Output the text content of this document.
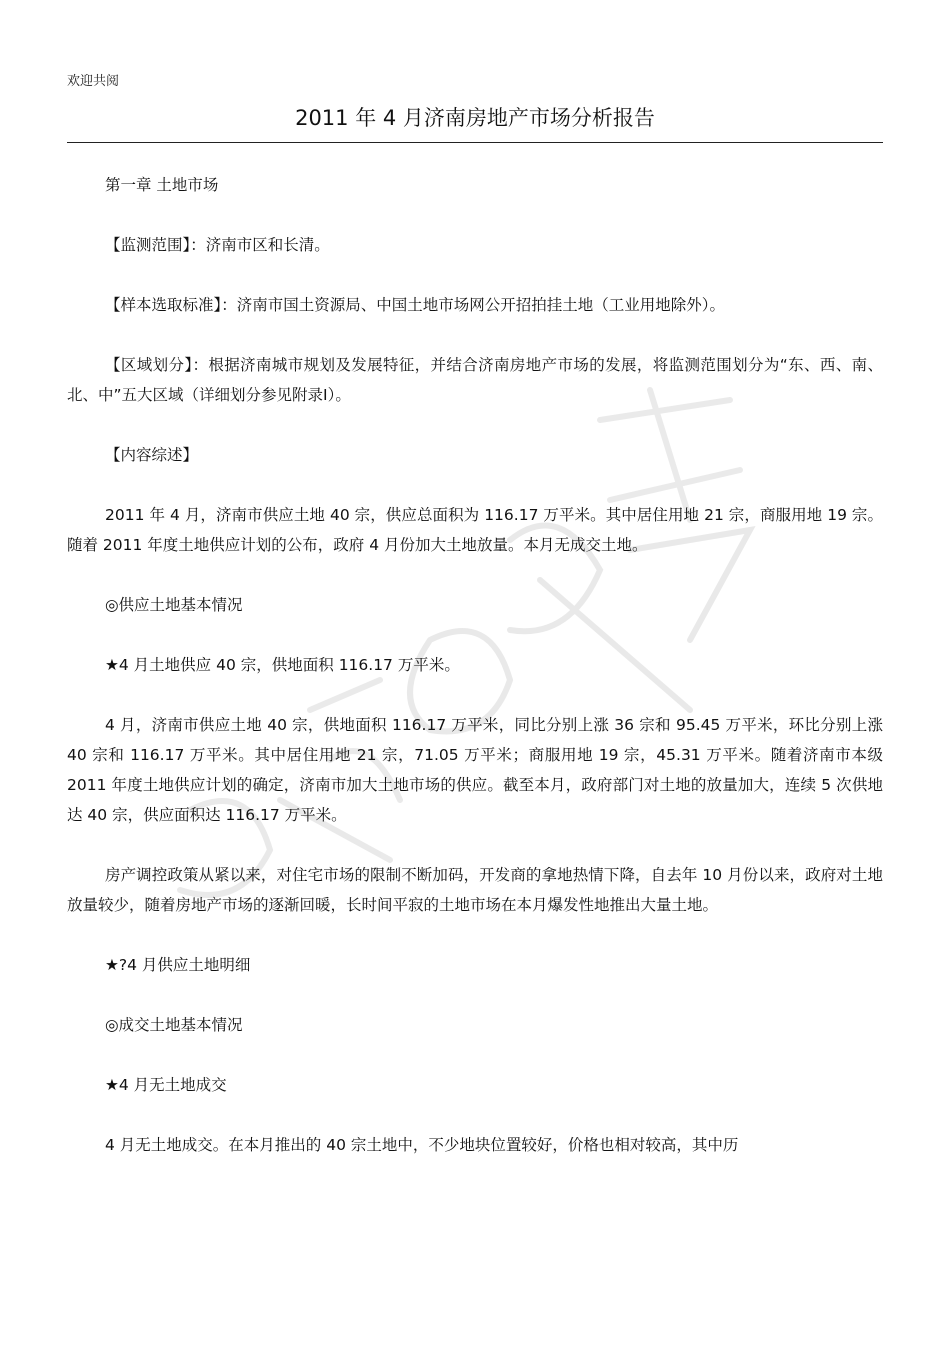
欢迎共阅
2011 年 4 月济南房地产市场分析报告

第一章 土地市场

【监测范围】：济南市区和长清。

【样本选取标准】：济南市国土资源局、中国土地市场网公开招拍挂土地（工业用地除外）。

【区域划分】：根据济南城市规划及发展特征，并结合济南房地产市场的发展，将监测范围划分为“东、西、南、北、中”五大区域（详细划分参见附录Ⅰ）。

【内容综述】

2011 年 4 月，济南市供应土地 40 宗，供应总面积为 116.17 万平米。其中居住用地 21 宗，商服用地 19 宗。随着 2011 年度土地供应计划的公布，政府 4 月份加大土地放量。本月无成交土地。

◎供应土地基本情况

★4 月土地供应 40 宗，供地面积 116.17 万平米。

4 月，济南市供应土地 40 宗，供地面积 116.17 万平米，同比分别上涨 36 宗和 95.45 万平米，环比分别上涨 40 宗和 116.17 万平米。其中居住用地 21 宗，71.05 万平米；商服用地 19 宗，45.31 万平米。随着济南市本级 2011 年度土地供应计划的确定，济南市加大土地市场的供应。截至本月，政府部门对土地的放量加大，连续 5 次供地达 40 宗，供应面积达 116.17 万平米。

房产调控政策从紧以来，对住宅市场的限制不断加码，开发商的拿地热情下降，自去年 10 月份以来，政府对土地放量较少，随着房地产市场的逐渐回暖，长时间平寂的土地市场在本月爆发性地推出大量土地。

★?4 月供应土地明细

◎成交土地基本情况

★4 月无土地成交

4 月无土地成交。在本月推出的 40 宗土地中，不少地块位置较好，价格也相对较高，其中历
